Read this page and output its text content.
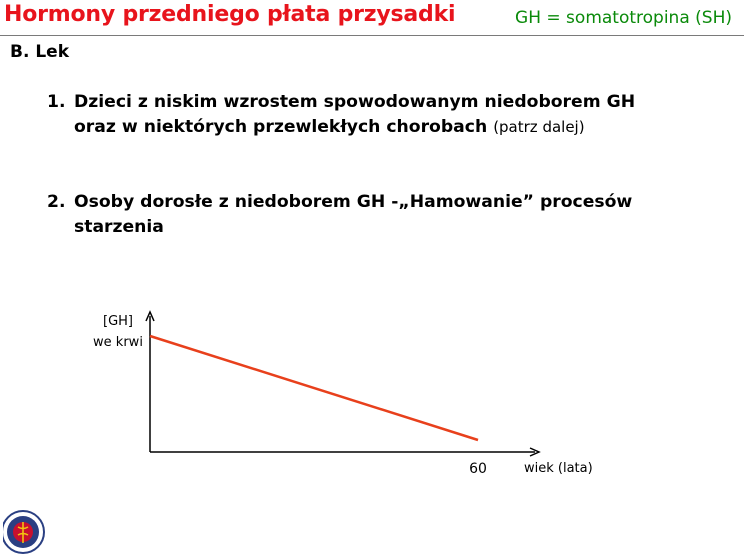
Hormony przedniego płata przysadki	GH = somatotropina (SH)
B. Lek
1. Dzieci z niskim wzrostem spowodowanym niedoborem GH
oraz w niektórych przewlekłych chorobach (patrz dalej)
2. Osoby dorosłe z niedoborem GH -„Hamowanie” procesów
starzenia
[GH]
we krwi
60	wiek (lata)
